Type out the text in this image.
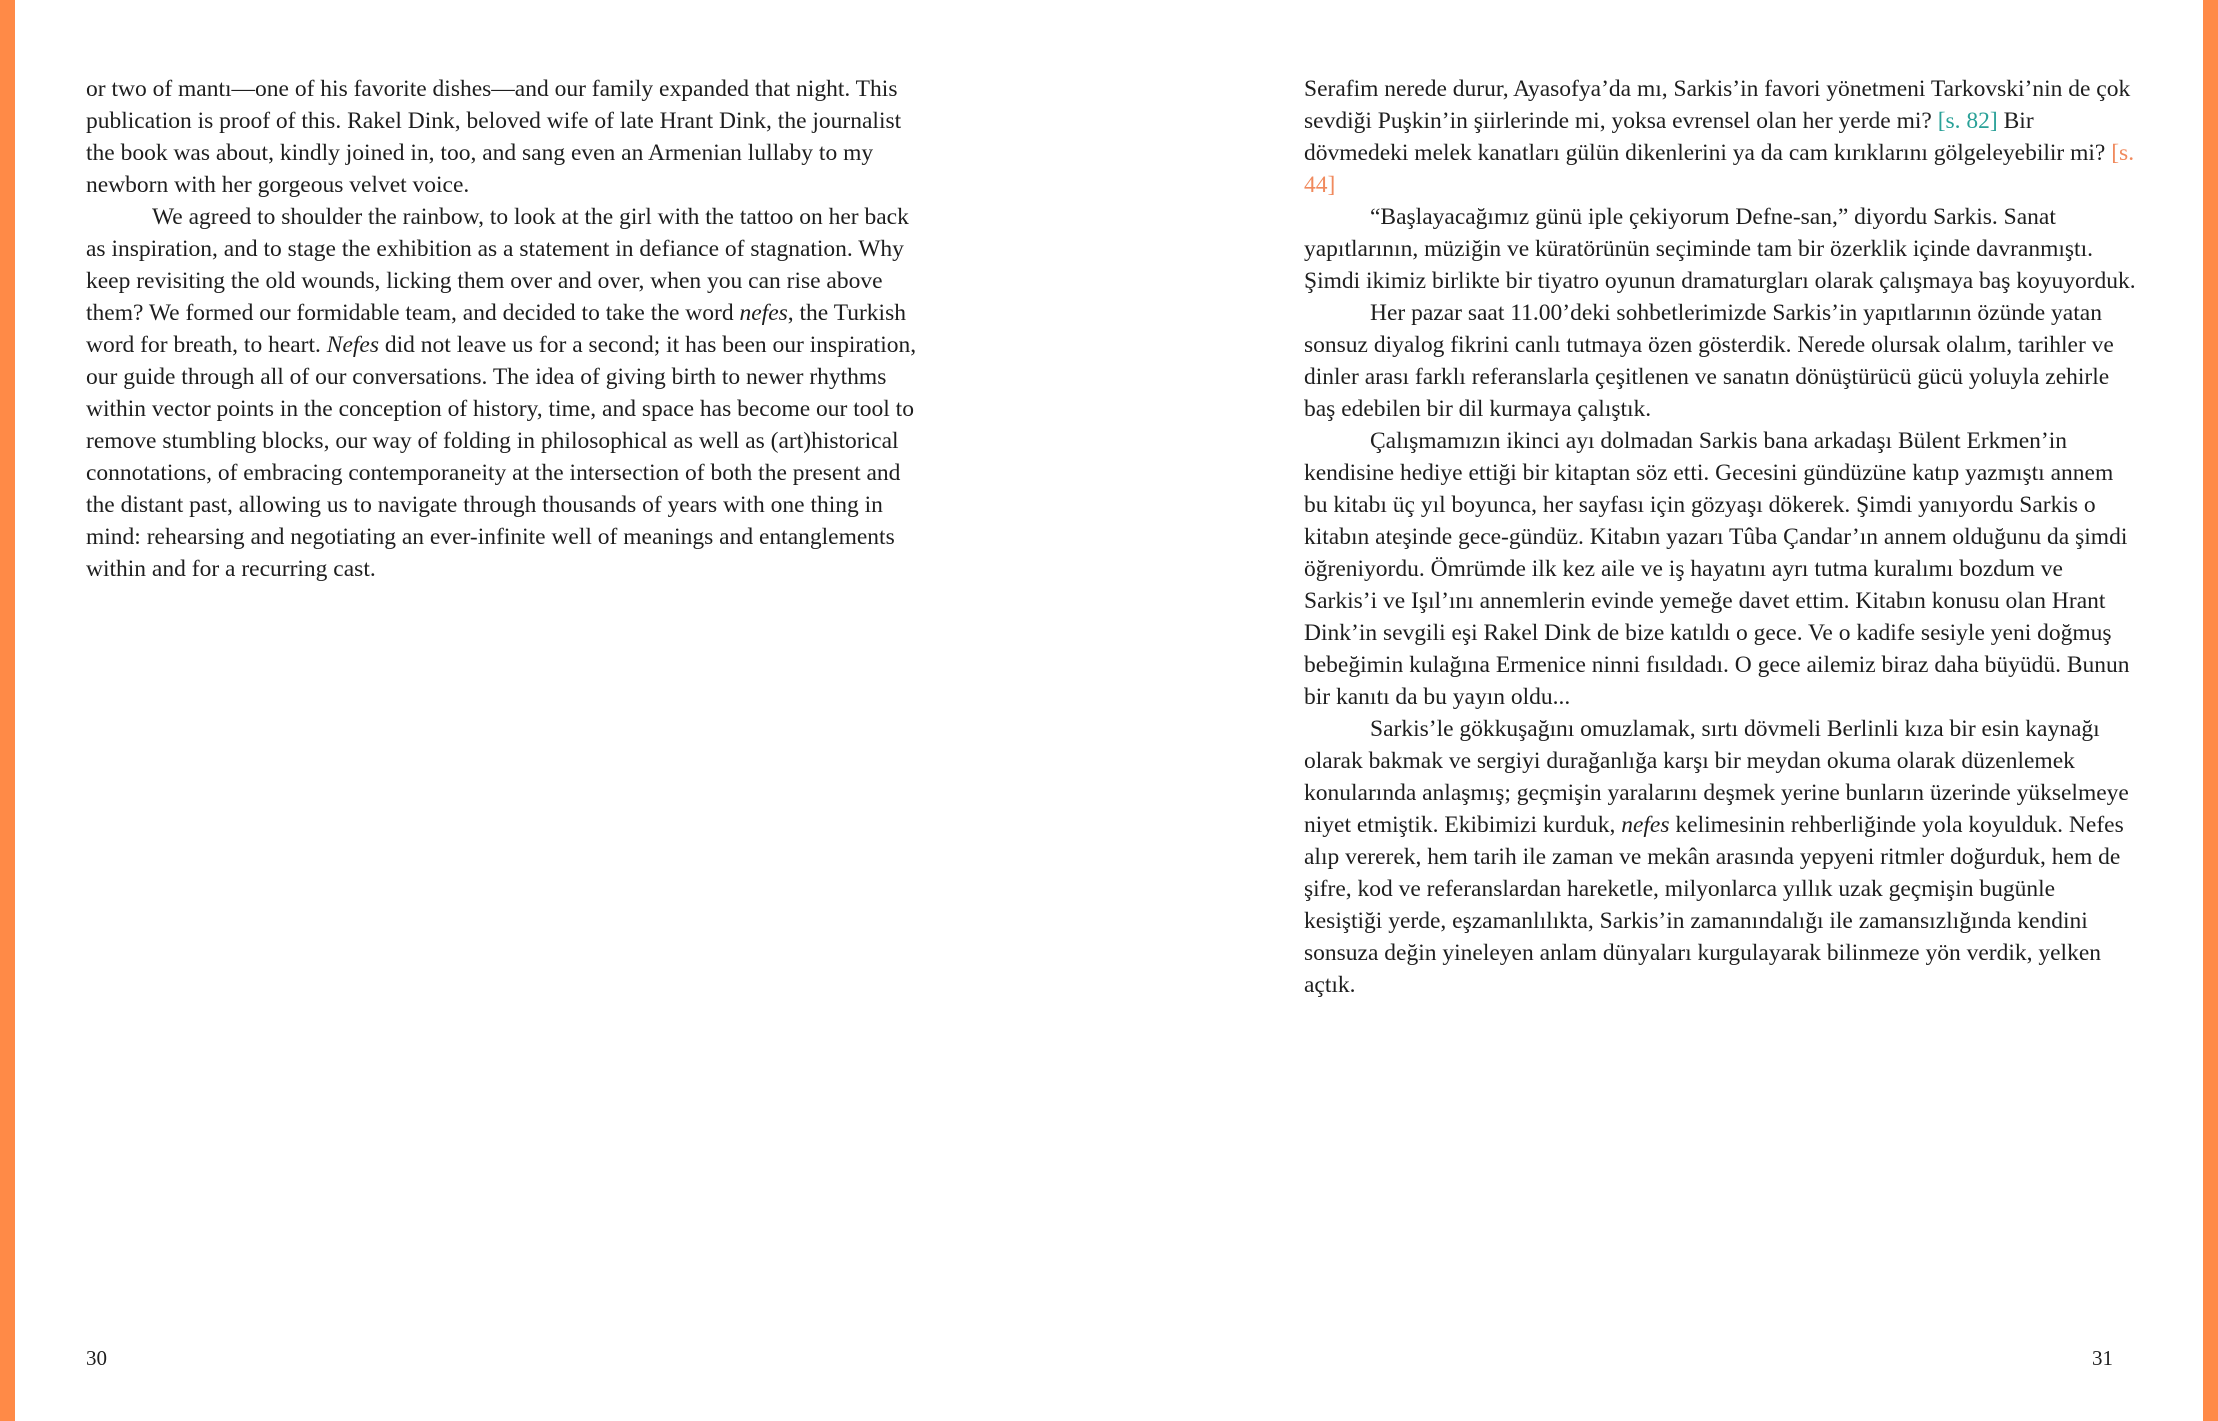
or two of mantı—one of his favorite dishes—and our family expanded that night. This publication is proof of this. Rakel Dink, beloved wife of late Hrant Dink, the journalist the book was about, kindly joined in, too, and sang even an Armenian lullaby to my newborn with her gorgeous velvet voice.

We agreed to shoulder the rainbow, to look at the girl with the tattoo on her back as inspiration, and to stage the exhibition as a statement in defiance of stagnation. Why keep revisiting the old wounds, licking them over and over, when you can rise above them? We formed our formidable team, and decided to take the word nefes, the Turkish word for breath, to heart. Nefes did not leave us for a second; it has been our inspiration, our guide through all of our conversations. The idea of giving birth to newer rhythms within vector points in the conception of history, time, and space has become our tool to remove stumbling blocks, our way of folding in philosophical as well as (art)historical connotations, of embracing contemporaneity at the intersection of both the present and the distant past, allowing us to navigate through thousands of years with one thing in mind: rehearsing and negotiating an ever-infinite well of meanings and entanglements within and for a recurring cast.

30

Serafim nerede durur, Ayasofya’da mı, Sarkis’in favori yönetmeni Tarkovski’nin de çok sevdiği Puşkin’in şiirlerinde mi, yoksa evrensel olan her yerde mi? [s. 82] Bir dövmedeki melek kanatları gülün dikenlerini ya da cam kırıklarını gölgeleyebilir mi? [s. 44]

“Başlayacağımız günü iple çekiyorum Defne-san,” diyordu Sarkis. Sanat yapıtlarının, müziğin ve küratörünün seçiminde tam bir özerklik içinde davranmıştı. Şimdi ikimiz birlikte bir tiyatro oyunun dramaturgları olarak çalışmaya baş koyuyorduk.

Her pazar saat 11.00’deki sohbetlerimizde Sarkis’in yapıtlarının özünde yatan sonsuz diyalog fikrini canlı tutmaya özen gösterdik. Nerede olursak olalım, tarihler ve dinler arası farklı referanslarla çeşitlenen ve sanatın dönüştürücü gücü yoluyla zehirle baş edebilen bir dil kurmaya çalıştık.

Çalışmamızın ikinci ayı dolmadan Sarkis bana arkadaşı Bülent Erkmen’in kendisine hediye ettiği bir kitaptan söz etti. Gecesini gündüzüne katıp yazmıştı annem bu kitabı üç yıl boyunca, her sayfası için gözyaşı dökerek. Şimdi yanıyordu Sarkis o kitabın ateşinde gece-gündüz. Kitabın yazarı Tûba Çandar’ın annem olduğunu da şimdi öğreniyordu. Ömrümde ilk kez aile ve iş hayatını ayrı tutma kuralımı bozdum ve Sarkis’i ve Işıl’ını annemlerin evinde yemeğe davet ettim. Kitabın konusu olan Hrant Dink’in sevgili eşi Rakel Dink de bize katıldı o gece. Ve o kadife sesiyle yeni doğmuş bebeğimin kulağına Ermenice ninni fısıldadı. O gece ailemiz biraz daha büyüdü. Bunun bir kanıtı da bu yayın oldu...

Sarkis’le gökkuşağını omuzlamak, sırtı dövmeli Berlinli kıza bir esin kaynağı olarak bakmak ve sergiyi durağanlığa karşı bir meydan okuma olarak düzenlemek konularında anlaşmış; geçmişin yaralarını deşmek yerine bunların üzerinde yükselmeye niyet etmiştik. Ekibimizi kurduk, nefes kelimesinin rehberliğinde yola koyulduk. Nefes alıp vererek, hem tarih ile zaman ve mekân arasında yepyeni ritmler doğurduk, hem de şifre, kod ve referanslardan hareketle, milyonlarca yıllık uzak geçmişin bugünle kesiştiği yerde, eşzamanlılıkta, Sarkis’in zamanındalığı ile zamansızlığında kendini sonsuza değin yineleyen anlam dünyaları kurgulayarak bilinmeze yön verdik, yelken açtık.

31
